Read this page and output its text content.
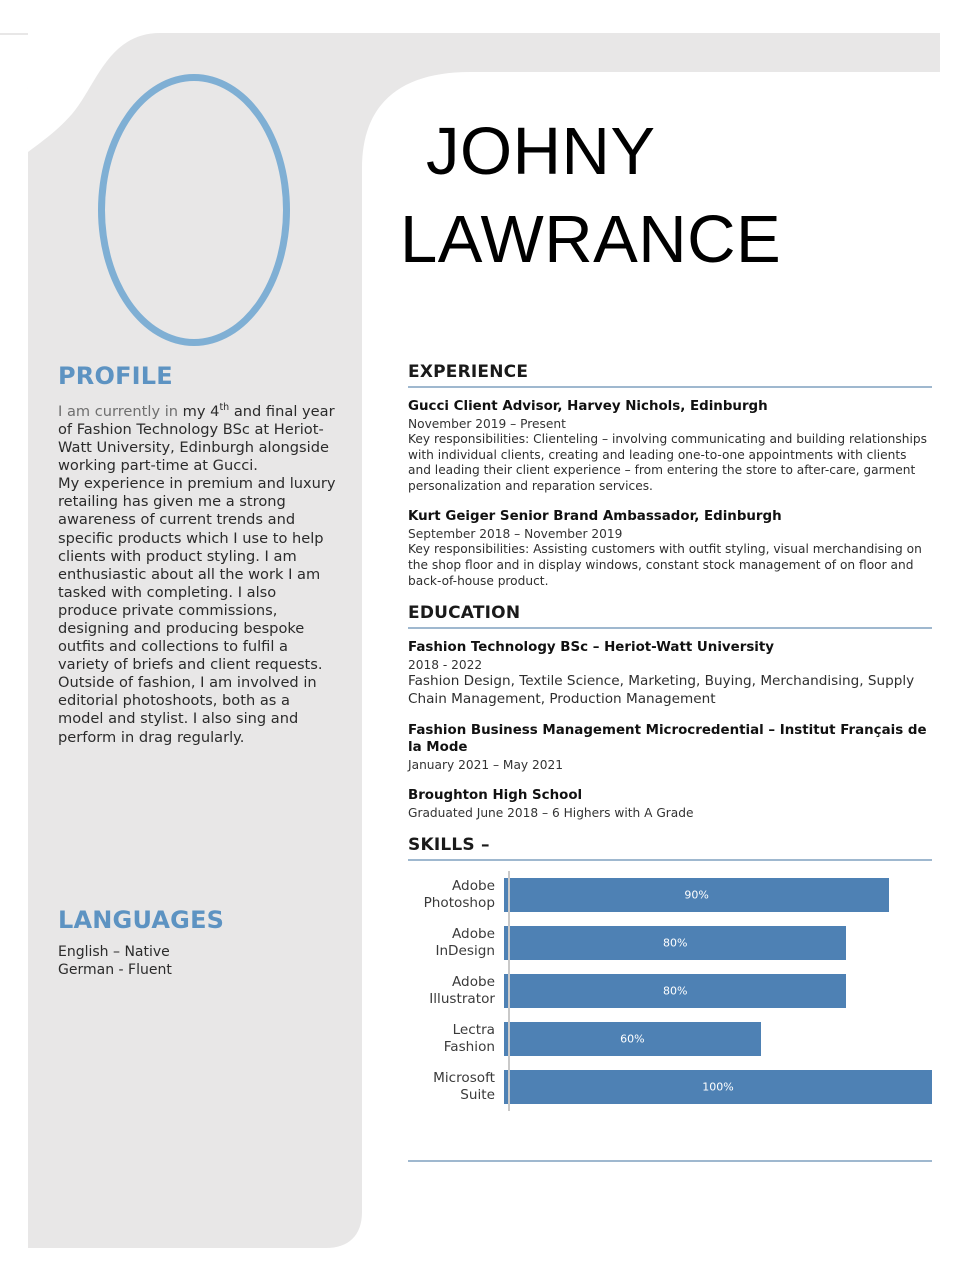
JOHNY
LAWRANCE
PROFILE

I am currently in my 4th and final year of Fashion Technology BSc at Heriot-Watt University, Edinburgh alongside working part-time at Gucci.

My experience in premium and luxury retailing has given me a strong awareness of current trends and specific products which I use to help clients with product styling. I am enthusiastic about all the work I am tasked with completing. I also produce private commissions, designing and producing bespoke outfits and collections to fulfil a variety of briefs and client requests.

Outside of fashion, I am involved in editorial photoshoots, both as a model and stylist. I also sing and perform in drag regularly.

LANGUAGES

English – Native

German - Fluent

EXPERIENCE
Gucci Client Advisor, Harvey Nichols, Edinburgh
November 2019 – Present
Key responsibilities: Clienteling – involving communicating and building relationships with individual clients, creating and leading one-to-one appointments with clients and leading their client experience – from entering the store to after-care, garment personalization and reparation services.
Kurt Geiger Senior Brand Ambassador, Edinburgh
September 2018 – November 2019
Key responsibilities: Assisting customers with outfit styling, visual merchandising on the shop floor and in display windows, constant stock management of on floor and back-of-house product.
EDUCATION
Fashion Technology BSc – Heriot-Watt University
2018 - 2022
Fashion Design, Textile Science, Marketing, Buying, Merchandising, Supply Chain Management, Production Management
Fashion Business Management Microcredential – Institut Français de la Mode
January 2021 – May 2021
Broughton High School
Graduated June 2018 – 6 Highers with A Grade
SKILLS –
Adobe
Photoshop	90%
Adobe
InDesign	80%
Adobe
Illustrator	80%
Lectra
Fashion	60%
Microsoft
Suite	100%
